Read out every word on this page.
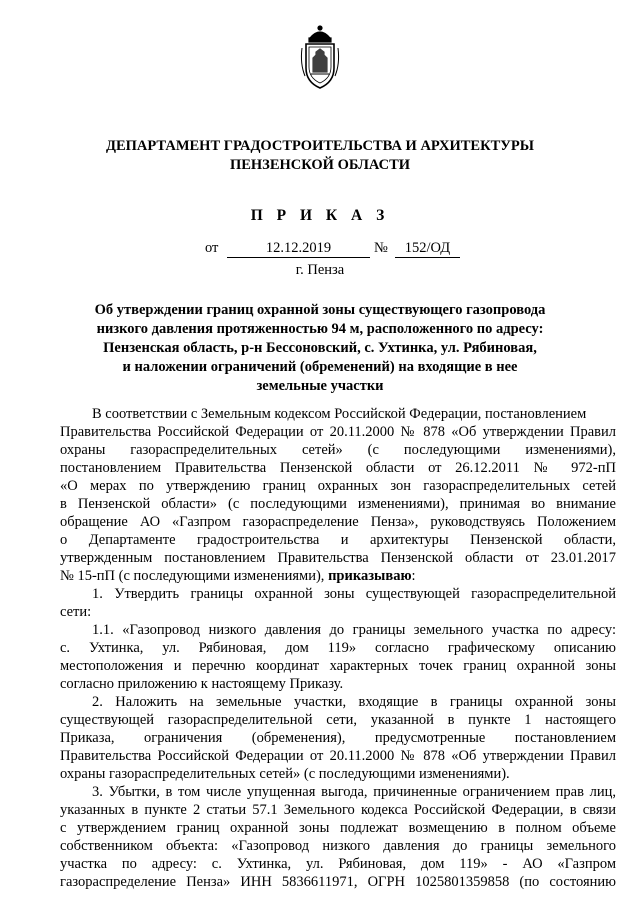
ДЕПАРТАМЕНТ ГРАДОСТРОИТЕЛЬСТВА И АРХИТЕКТУРЫ
ПЕНЗЕНСКОЙ ОБЛАСТИ
П Р И К А З
от	12.12.2019	№	152/ОД
г. Пенза
Об утверждении границ охранной зоны существующего газопровода
низкого давления протяженностью 94 м, расположенного по адресу:
Пензенская область, р-н Бессоновский, с. Ухтинка, ул. Рябиновая,
и наложении ограничений (обременений) на входящие в нее
земельные участки
В соответствии с Земельным кодексом Российской Федерации, постановлением
Правительства Российской Федерации от 20.11.2000 № 878 «Об утверждении Правил
охраны газораспределительных сетей» (с последующими изменениями),
постановлением Правительства Пензенской области от 26.12.2011 № 972-пП
«О мерах по утверждению границ охранных зон газораспределительных сетей
в Пензенской области» (с последующими изменениями), принимая во внимание
обращение АО «Газпром газораспределение Пенза», руководствуясь Положением
о Департаменте градостроительства и архитектуры Пензенской области,
утвержденным постановлением Правительства Пензенской области от 23.01.2017
№ 15-пП (с последующими изменениями), приказываю:
1. Утвердить границы охранной зоны существующей газораспределительной
сети:
1.1. «Газопровод низкого давления до границы земельного участка по адресу:
с. Ухтинка, ул. Рябиновая, дом 119» согласно графическому описанию
местоположения и перечню координат характерных точек границ охранной зоны
согласно приложению к настоящему Приказу.
2. Наложить на земельные участки, входящие в границы охранной зоны
существующей газораспределительной сети, указанной в пункте 1 настоящего
Приказа, ограничения (обременения), предусмотренные постановлением
Правительства Российской Федерации от 20.11.2000 № 878 «Об утверждении Правил
охраны газораспределительных сетей» (с последующими изменениями).
3. Убытки, в том числе упущенная выгода, причиненные ограничением прав лиц,
указанных в пункте 2 статьи 57.1 Земельного кодекса Российской Федерации, в связи
с утверждением границ охранной зоны подлежат возмещению в полном объеме
собственником объекта: «Газопровод низкого давления до границы земельного
участка по адресу: с. Ухтинка, ул. Рябиновая, дом 119» - АО «Газпром
газораспределение Пенза» ИНН 5836611971, ОГРН 1025801359858 (по состоянию
